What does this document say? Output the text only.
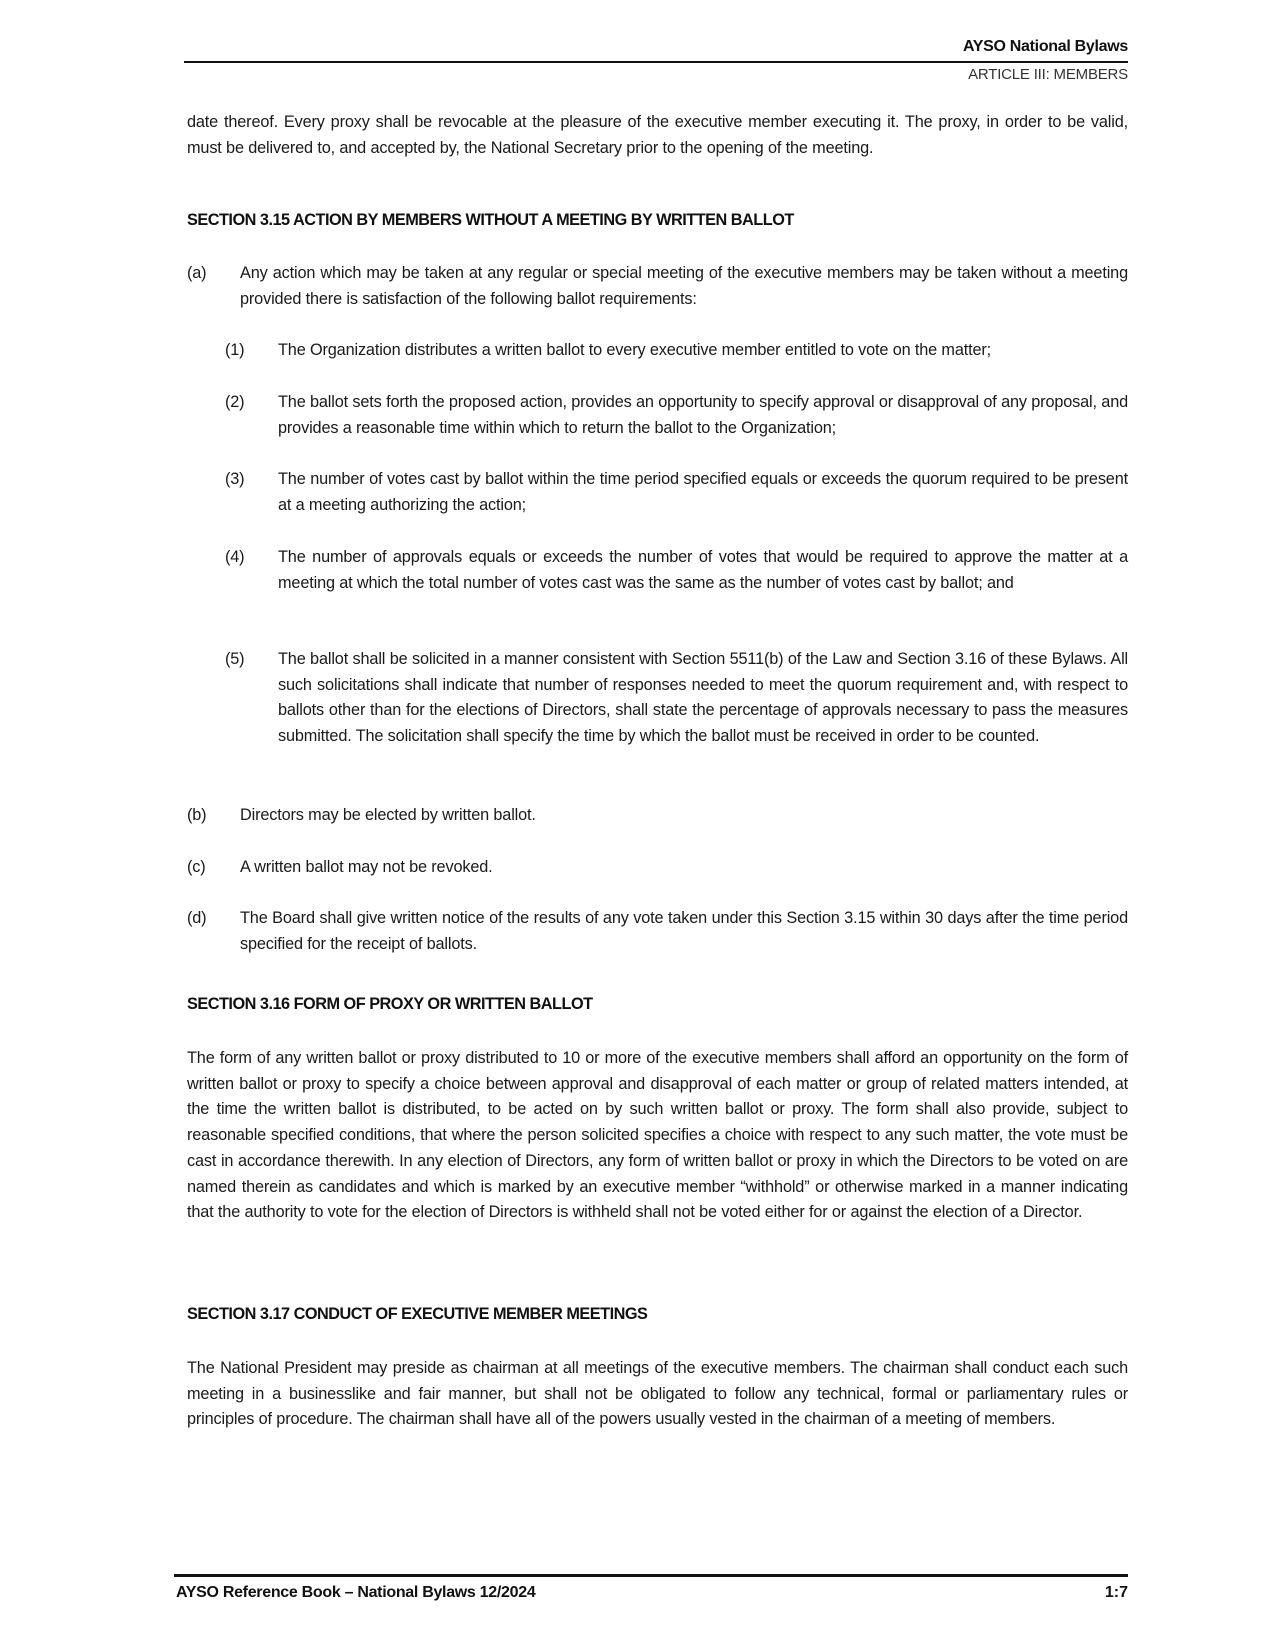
AYSO National Bylaws
ARTICLE III: MEMBERS
date thereof. Every proxy shall be revocable at the pleasure of the executive member executing it. The proxy, in order to be valid, must be delivered to, and accepted by, the National Secretary prior to the opening of the meeting.
SECTION 3.15 ACTION BY MEMBERS WITHOUT A MEETING BY WRITTEN BALLOT
(a) Any action which may be taken at any regular or special meeting of the executive members may be taken without a meeting provided there is satisfaction of the following ballot requirements:
(1) The Organization distributes a written ballot to every executive member entitled to vote on the matter;
(2) The ballot sets forth the proposed action, provides an opportunity to specify approval or disapproval of any proposal, and provides a reasonable time within which to return the ballot to the Organization;
(3) The number of votes cast by ballot within the time period specified equals or exceeds the quorum required to be present at a meeting authorizing the action;
(4) The number of approvals equals or exceeds the number of votes that would be required to approve the matter at a meeting at which the total number of votes cast was the same as the number of votes cast by ballot; and
(5) The ballot shall be solicited in a manner consistent with Section 5511(b) of the Law and Section 3.16 of these Bylaws. All such solicitations shall indicate that number of responses needed to meet the quorum requirement and, with respect to ballots other than for the elections of Directors, shall state the percentage of approvals necessary to pass the measures submitted. The solicitation shall specify the time by which the ballot must be received in order to be counted.
(b) Directors may be elected by written ballot.
(c) A written ballot may not be revoked.
(d) The Board shall give written notice of the results of any vote taken under this Section 3.15 within 30 days after the time period specified for the receipt of ballots.
SECTION 3.16 FORM OF PROXY OR WRITTEN BALLOT
The form of any written ballot or proxy distributed to 10 or more of the executive members shall afford an opportunity on the form of written ballot or proxy to specify a choice between approval and disapproval of each matter or group of related matters intended, at the time the written ballot is distributed, to be acted on by such written ballot or proxy. The form shall also provide, subject to reasonable specified conditions, that where the person solicited specifies a choice with respect to any such matter, the vote must be cast in accordance therewith. In any election of Directors, any form of written ballot or proxy in which the Directors to be voted on are named therein as candidates and which is marked by an executive member “withhold” or otherwise marked in a manner indicating that the authority to vote for the election of Directors is withheld shall not be voted either for or against the election of a Director.
SECTION 3.17 CONDUCT OF EXECUTIVE MEMBER MEETINGS
The National President may preside as chairman at all meetings of the executive members. The chairman shall conduct each such meeting in a businesslike and fair manner, but shall not be obligated to follow any technical, formal or parliamentary rules or principles of procedure. The chairman shall have all of the powers usually vested in the chairman of a meeting of members.
AYSO Reference Book – National Bylaws 12/2024	1:7
